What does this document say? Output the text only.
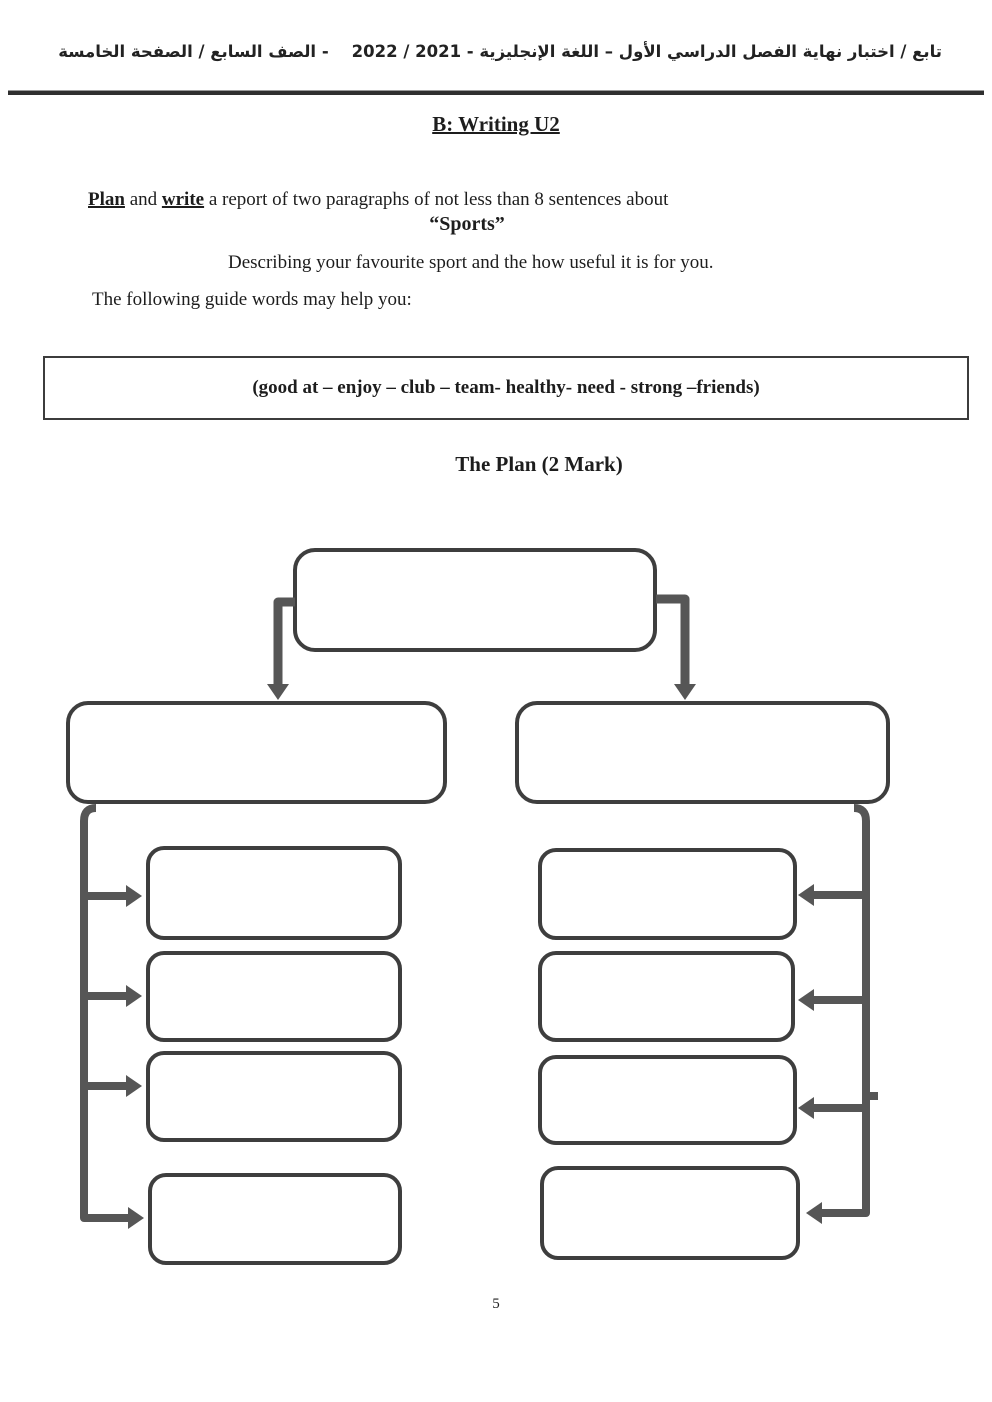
تابع / اختبار نهاية الفصل الدراسي الأول – اللغة الإنجليزية - 2021 / 2022    - الصف السابع / الصفحة الخامسة
B: Writing U2

Plan and write a report of two paragraphs of not less than 8 sentences about

“Sports”
Describing your favourite sport and the how useful it is for you.
The following guide words may help you:
(good at – enjoy – club – team- healthy- need - strong –friends)
The Plan (2 Mark)
5
